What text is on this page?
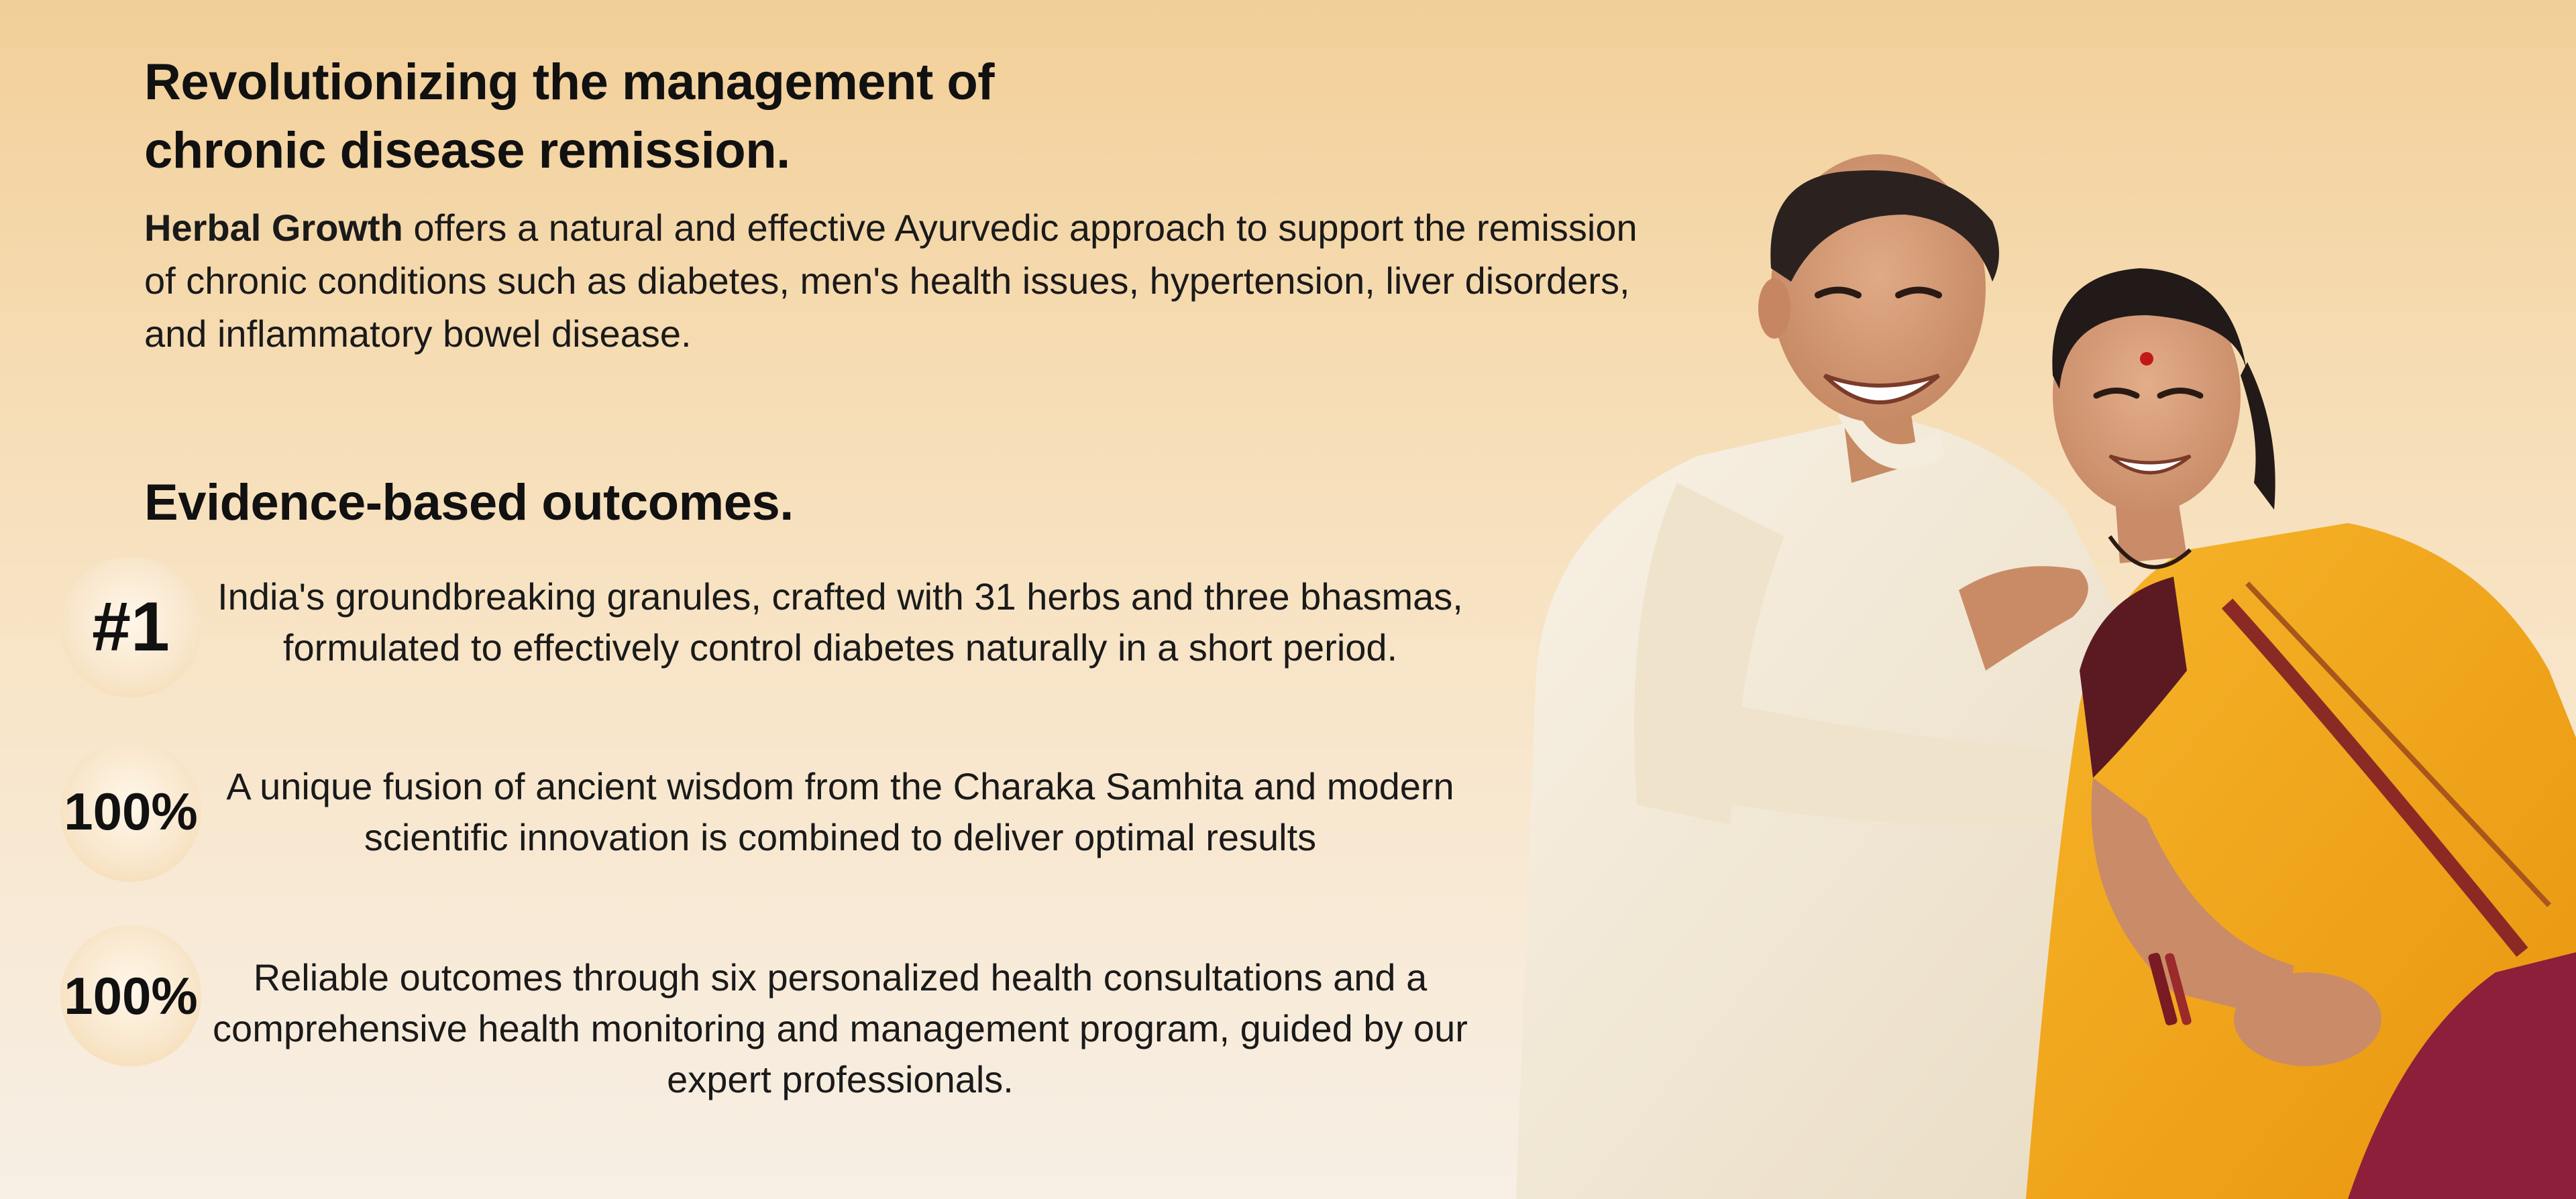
Revolutionizing the management of
chronic disease remission.

Herbal Growth offers a natural and effective Ayurvedic approach to support the remission of chronic conditions such as diabetes, men's health issues, hypertension, liver disorders, and inflammatory bowel disease.

Evidence-based outcomes.
#1	India's groundbreaking granules, crafted with 31 herbs and three bhasmas, formulated to effectively control diabetes naturally in a short period.

100% A unique fusion of ancient wisdom from the Charaka Samhita and modern scientific innovation is combined to deliver optimal results

100%	Reliable outcomes through six personalized health consultations and a comprehensive health monitoring and management program, guided by our expert professionals.
